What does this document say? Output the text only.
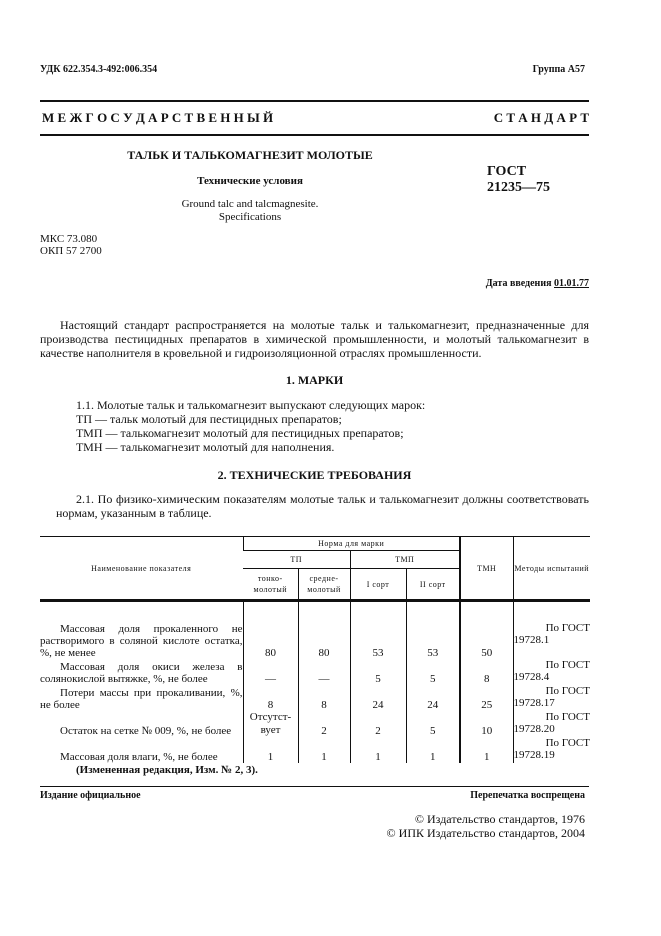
УДК 622.354.3-492:006.354	Группа А57
М Е Ж Г О С У Д А Р С Т В Е Н Н Ы Й	С Т А Н Д А Р Т
ТАЛЬК И ТАЛЬКОМАГНЕЗИТ МОЛОТЫЕ
Технические условия
Ground talc and talcmagnesite.
Specifications
ГОСТ
21235—75
МКС 73.080
ОКП 57 2700
Дата введения 01.01.77

Настоящий стандарт распространяется на молотые тальк и талькомагнезит, предназначенные для производства пестицидных препаратов в химической промышленности, и молотый талькомагнезит в качестве наполнителя в кровельной и гидроизоляционной отраслях промышленности.

1. МАРКИ
1.1. Молотые тальк и талькомагнезит выпускают следующих марок:
ТП — тальк молотый для пестицидных препаратов;
ТМП — талькомагнезит молотый для пестицидных препаратов;
ТМН — талькомагнезит молотый для наполнения.
2. ТЕХНИЧЕСКИЕ ТРЕБОВАНИЯ

2.1. По физико-химическим показателям молотые тальк и талькомагнезит должны соответствовать нормам, указанным в таблице.

Наименование показателя	Норма для марки				ТМН	Методы испытаний
	ТП		ТМП			
	тонко-молотый	средне-молотый	I сорт	II сорт		
Массовая доля прокаленного не растворимого в соляной кислоте остатка, %, не менее	80	80	53	53	50	По ГОСТ
19728.1

Массовая доля окиси железа в солянокислой вытяжке, %, не более	—	—	5	5	8	По ГОСТ
19728.4

Потери массы при прокаливании, %, не более	8	8	24	24	25	По ГОСТ
19728.17

Остаток на сетке № 009, %, не более	Отсутст-вует	2	2	5	10	По ГОСТ
19728.20

Массовая доля влаги, %, не более	1	1	1	1	1	По ГОСТ
19728.19
(Измененная редакция, Изм. № 2, 3).
Издание официальное	Перепечатка воспрещена
© Издательство стандартов, 1976
© ИПК Издательство стандартов, 2004
